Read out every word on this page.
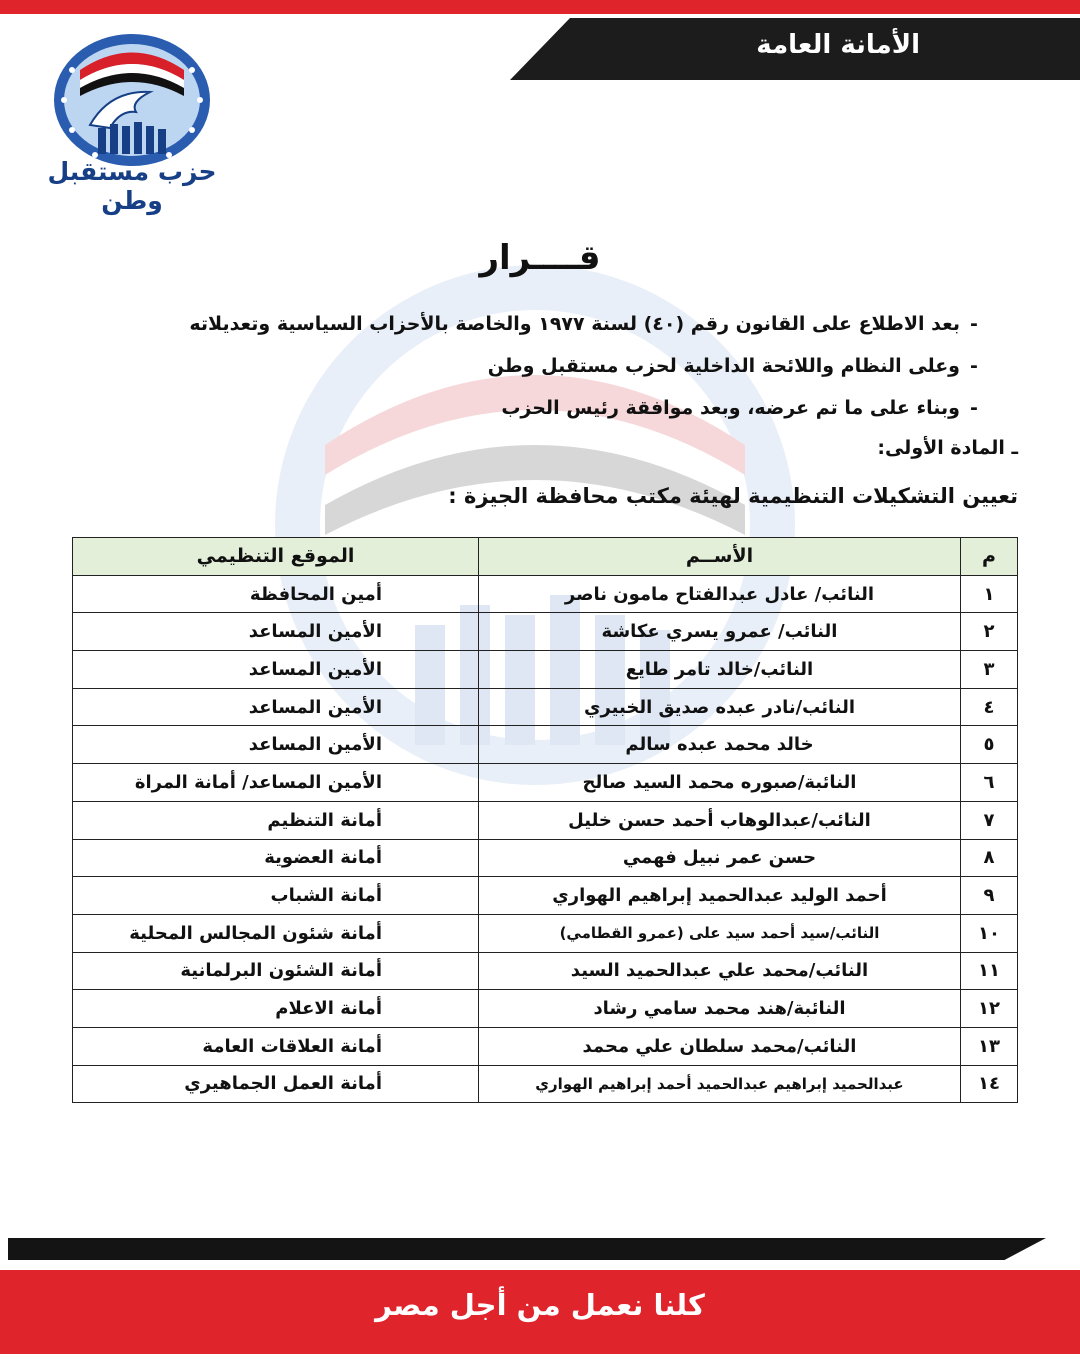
الأمانة العامة
حزب مستقبل وطن
قــــرار
-بعد الاطلاع على القانون رقم (٤٠) لسنة ١٩٧٧ والخاصة بالأحزاب السياسية وتعديلاته
-وعلى النظام واللائحة الداخلية لحزب مستقبل وطن
-وبناء على ما تم عرضه، وبعد موافقة رئيس الحزب
ـ المادة الأولى:
تعيين التشكيلات التنظيمية لهيئة مكتب محافظة الجيزة :
م	الأســم	الموقع التنظيمي
١	النائب/ عادل عبدالفتاح مامون ناصر	أمين المحافظة
٢	النائب/ عمرو يسري عكاشة	الأمين المساعد
٣	النائب/خالد تامر طايع	الأمين المساعد
٤	النائب/نادر عبده صديق الخبيري	الأمين المساعد
٥	خالد محمد عبده سالم	الأمين المساعد
٦	النائبة/صبوره محمد السيد صالح	الأمين المساعد/ أمانة المراة
٧	النائب/عبدالوهاب أحمد حسن خليل	أمانة التنظيم
٨	حسن عمر نبيل فهمي	أمانة العضوية
٩	أحمد الوليد عبدالحميد إبراهيم الهواري	أمانة الشباب
١٠	النائب/سيد أحمد سيد على (عمرو القطامي)	أمانة شئون المجالس المحلية
١١	النائب/محمد علي عبدالحميد السيد	أمانة الشئون البرلمانية
١٢	النائبة/هند محمد سامي رشاد	أمانة الاعلام
١٣	النائب/محمد سلطان علي محمد	أمانة العلاقات العامة
١٤	عبدالحميد إبراهيم عبدالحميد أحمد إبراهيم الهواري	أمانة العمل الجماهيري
كلنا نعمل من أجل مصر
